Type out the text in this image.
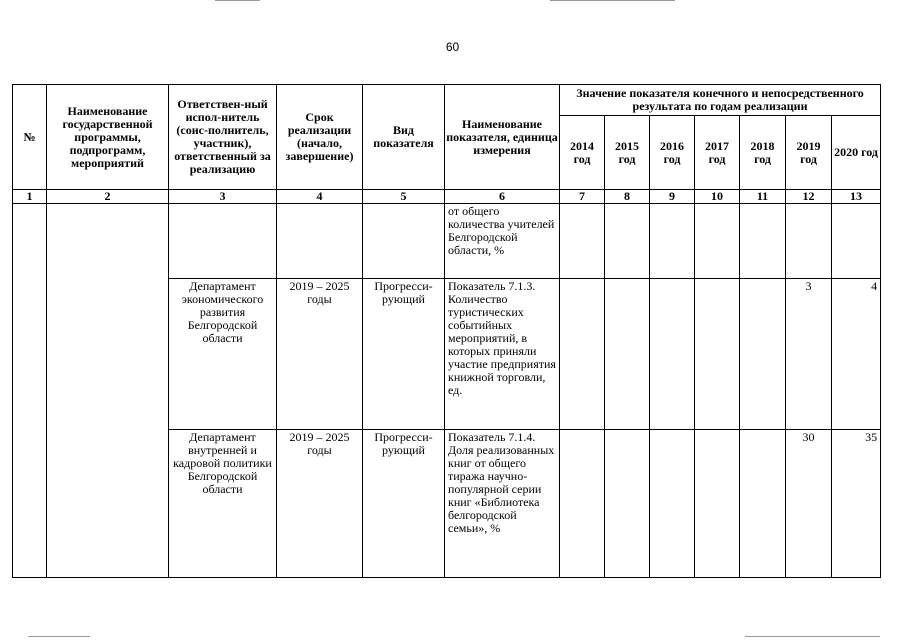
60
№	Наименование государственной программы, подпрограмм, мероприятий	Ответствен-ный испол-нитель (соис-полнитель, участник), ответственный за реализацию	Срок реализации (начало, завершение)	Вид показателя	Наименование показателя, единица измерения	Значение показателя конечного и непосредственного результата по годам реализации						
						2014 год	2015 год	2016 год	2017 год	2018 год	2019 год	2020 год
1	2	3	4	5	6	7	8	9	10	11	12	13
					от общего количества учителей Белгородской области, %							
		Департамент экономического развития Белгородской области	2019 – 2025 годы	Прогресси-рующий	Показатель 7.1.3. Количество туристических событийных мероприятий, в которых приняли участие предприятия книжной торговли, ед.						3	4
		Департамент внутренней и кадровой политики Белгородской области	2019 – 2025 годы	Прогресси-рующий	Показатель 7.1.4. Доля реализованных книг от общего тиража научно-популярной серии книг «Библиотека белгородской семьи», %						30	35
